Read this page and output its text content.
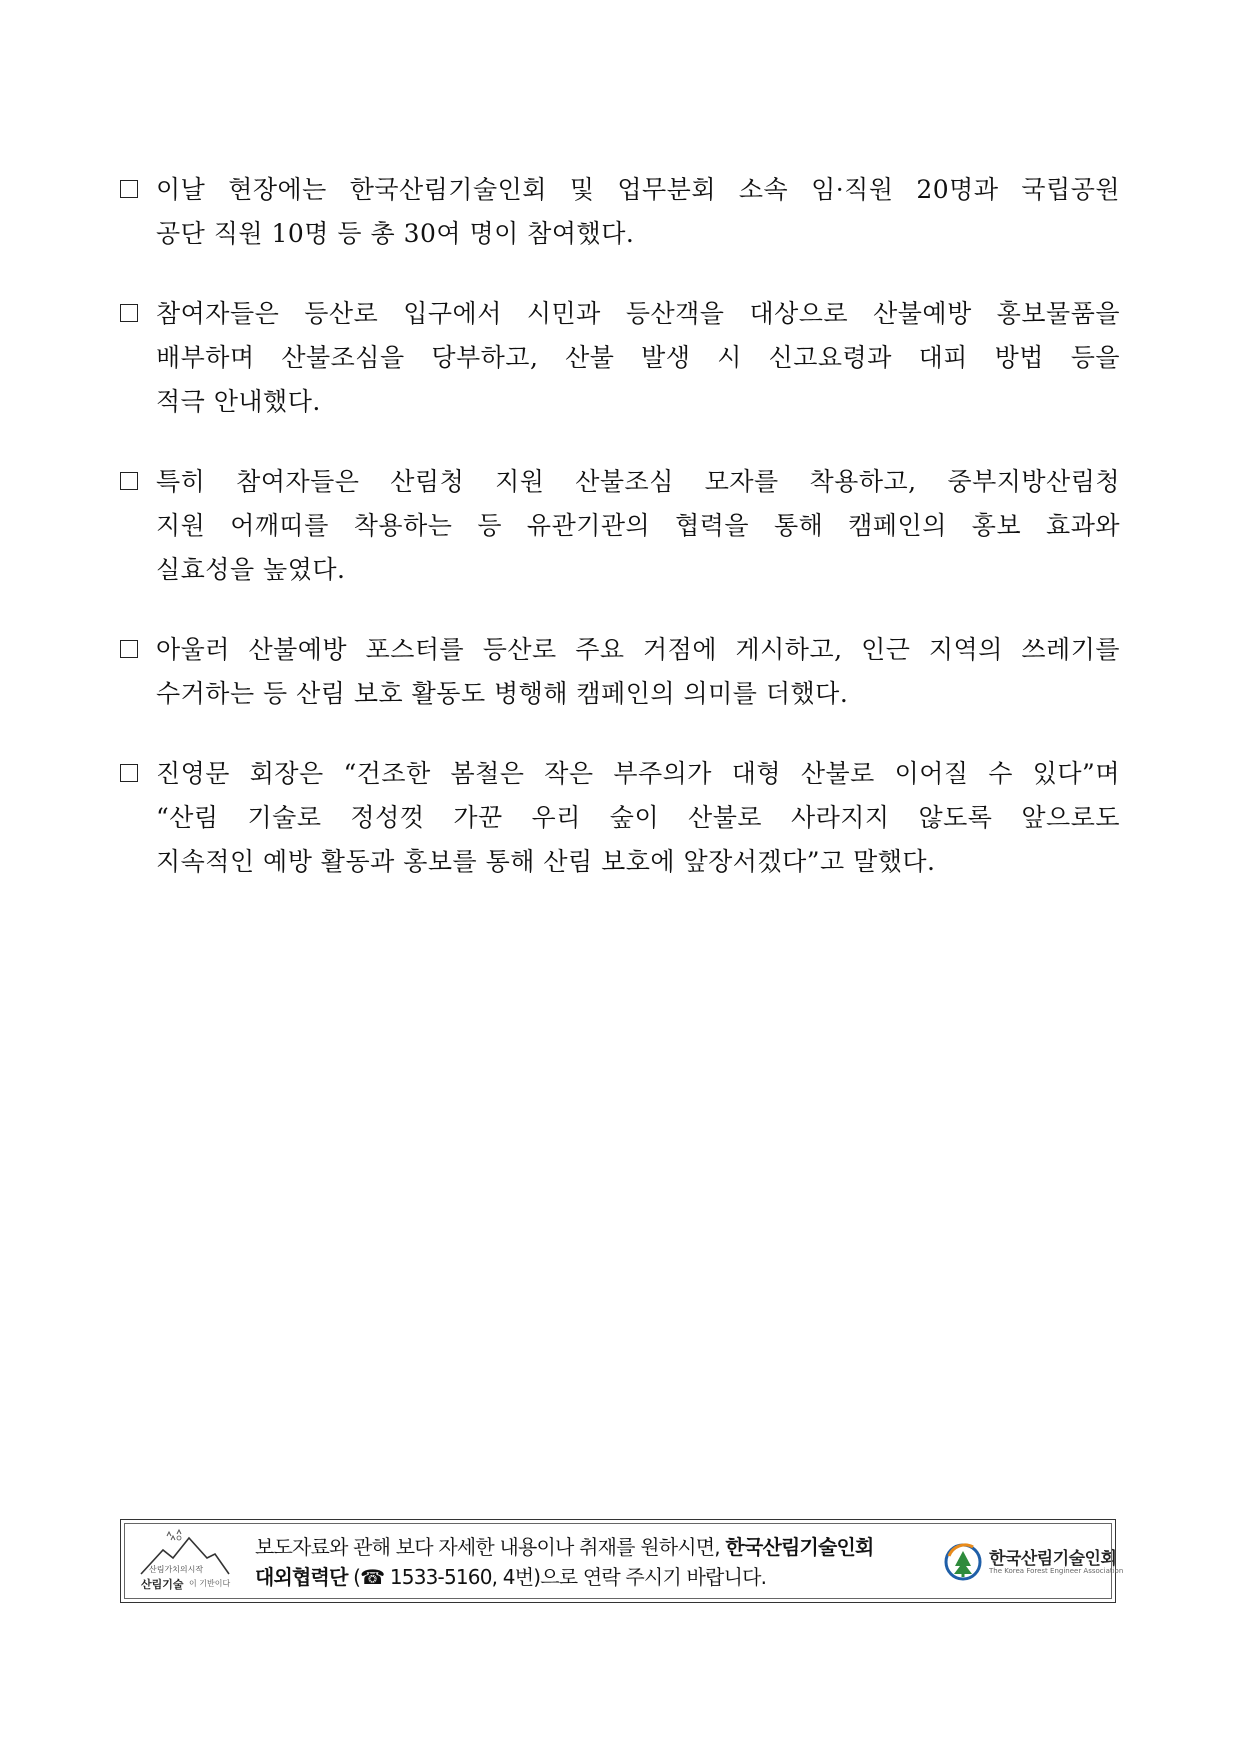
이날 현장에는 한국산림기술인회 및 업무분회 소속 임·직원 20명과 국립공원
공단 직원 10명 등 총 30여 명이 참여했다.
참여자들은 등산로 입구에서 시민과 등산객을 대상으로 산불예방 홍보물품을
배부하며 산불조심을 당부하고, 산불 발생 시 신고요령과 대피 방법 등을
적극 안내했다.
특히 참여자들은 산림청 지원 산불조심 모자를 착용하고, 중부지방산림청
지원 어깨띠를 착용하는 등 유관기관의 협력을 통해 캠페인의 홍보 효과와
실효성을 높였다.
아울러 산불예방 포스터를 등산로 주요 거점에 게시하고, 인근 지역의 쓰레기를
수거하는 등 산림 보호 활동도 병행해 캠페인의 의미를 더했다.
진영문 회장은 “건조한 봄철은 작은 부주의가 대형 산불로 이어질 수 있다”며
“산림 기술로 정성껏 가꾼 우리 숲이 산불로 사라지지 않도록 앞으로도
지속적인 예방 활동과 홍보를 통해 산림 보호에 앞장서겠다”고 말했다.
산림가치의시작
산림기술 이 기반이다
보도자료와 관해 보다 자세한 내용이나 취재를 원하시면, 한국산림기술인회
대외협력단 (☎ 1533-5160, 4번)으로 연락 주시기 바랍니다.
한국산림기술인회
The Korea Forest Engineer Association
